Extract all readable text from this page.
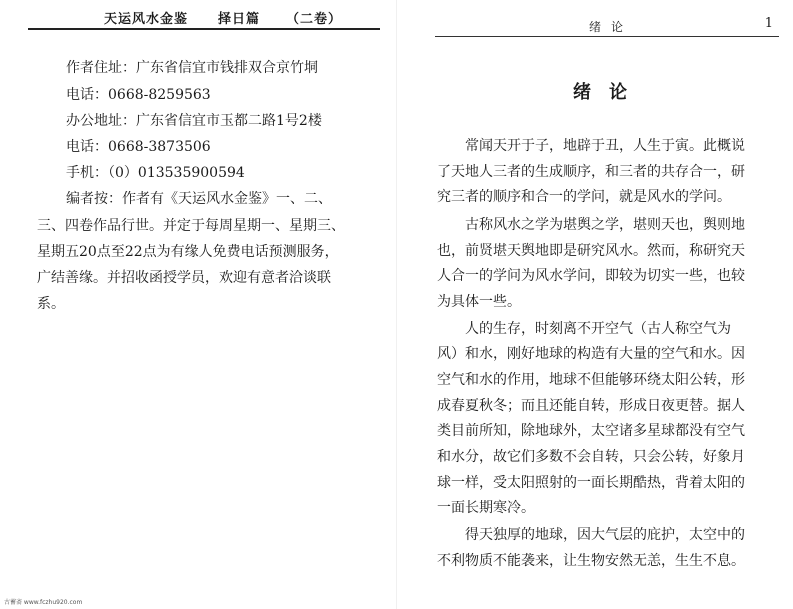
天运风水金鉴 择日篇 （二卷）
作者住址：广东省信宜市钱排双合京竹垌
电话：0668-8259563
办公地址：广东省信宜市玉都二路1号2楼
电话：0668-3873506
手机：（0）013535900594
编者按：作者有《天运风水金鉴》一、二、
三、四卷作品行世。并定于每周星期一、星期三、
星期五20点至22点为有缘人免费电话预测服务，
广结善缘。并招收函授学员，欢迎有意者洽谈联
系。
古蓄斋 www.fczhu920.com
绪论	1
绪论
常闻天开于子，地辟于丑，人生于寅。此概说
了天地人三者的生成顺序，和三者的共存合一，研
究三者的顺序和合一的学问，就是风水的学问。
古称风水之学为堪舆之学，堪则天也，舆则地
也，前贤堪天舆地即是研究风水。然而，称研究天
人合一的学问为风水学问，即较为切实一些，也较
为具体一些。
人的生存，时刻离不开空气（古人称空气为
风）和水，刚好地球的构造有大量的空气和水。因
空气和水的作用，地球不但能够环绕太阳公转，形
成春夏秋冬；而且还能自转，形成日夜更替。据人
类目前所知，除地球外，太空诸多星球都没有空气
和水分，故它们多数不会自转，只会公转，好象月
球一样，受太阳照射的一面长期酷热，背着太阳的
一面长期寒冷。
得天独厚的地球，因大气层的庇护，太空中的
不利物质不能袭来，让生物安然无恙，生生不息。
